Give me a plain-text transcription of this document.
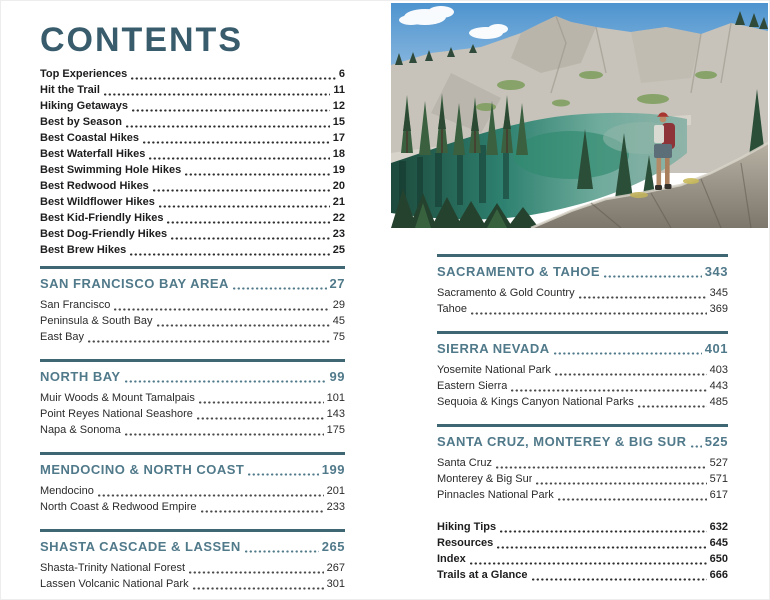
CONTENTS
Top Experiences	6
Hit the Trail	11
Hiking Getaways	12
Best by Season	15
Best Coastal Hikes	17
Best Waterfall Hikes	18
Best Swimming Hole Hikes	19
Best Redwood Hikes	20
Best Wildflower Hikes	21
Best Kid-Friendly Hikes	22
Best Dog-Friendly Hikes	23
Best Brew Hikes	25
SAN FRANCISCO BAY AREA	27
San Francisco	29
Peninsula & South Bay	45
East Bay	75
NORTH BAY	99
Muir Woods & Mount Tamalpais	101
Point Reyes National Seashore	143
Napa & Sonoma	175
MENDOCINO & NORTH COAST	199
Mendocino	201
North Coast & Redwood Empire	233
SHASTA CASCADE & LASSEN	265
Shasta-Trinity National Forest	267
Lassen Volcanic National Park	301
SACRAMENTO & TAHOE	343
Sacramento & Gold Country	345
Tahoe	369
SIERRA NEVADA	401
Yosemite National Park	403
Eastern Sierra	443
Sequoia & Kings Canyon National Parks	485
SANTA CRUZ, MONTEREY & BIG SUR 525
Santa Cruz	527
Monterey & Big Sur	571
Pinnacles National Park	617
Hiking Tips	632
Resources	645
Index	650
Trails at a Glance	666
